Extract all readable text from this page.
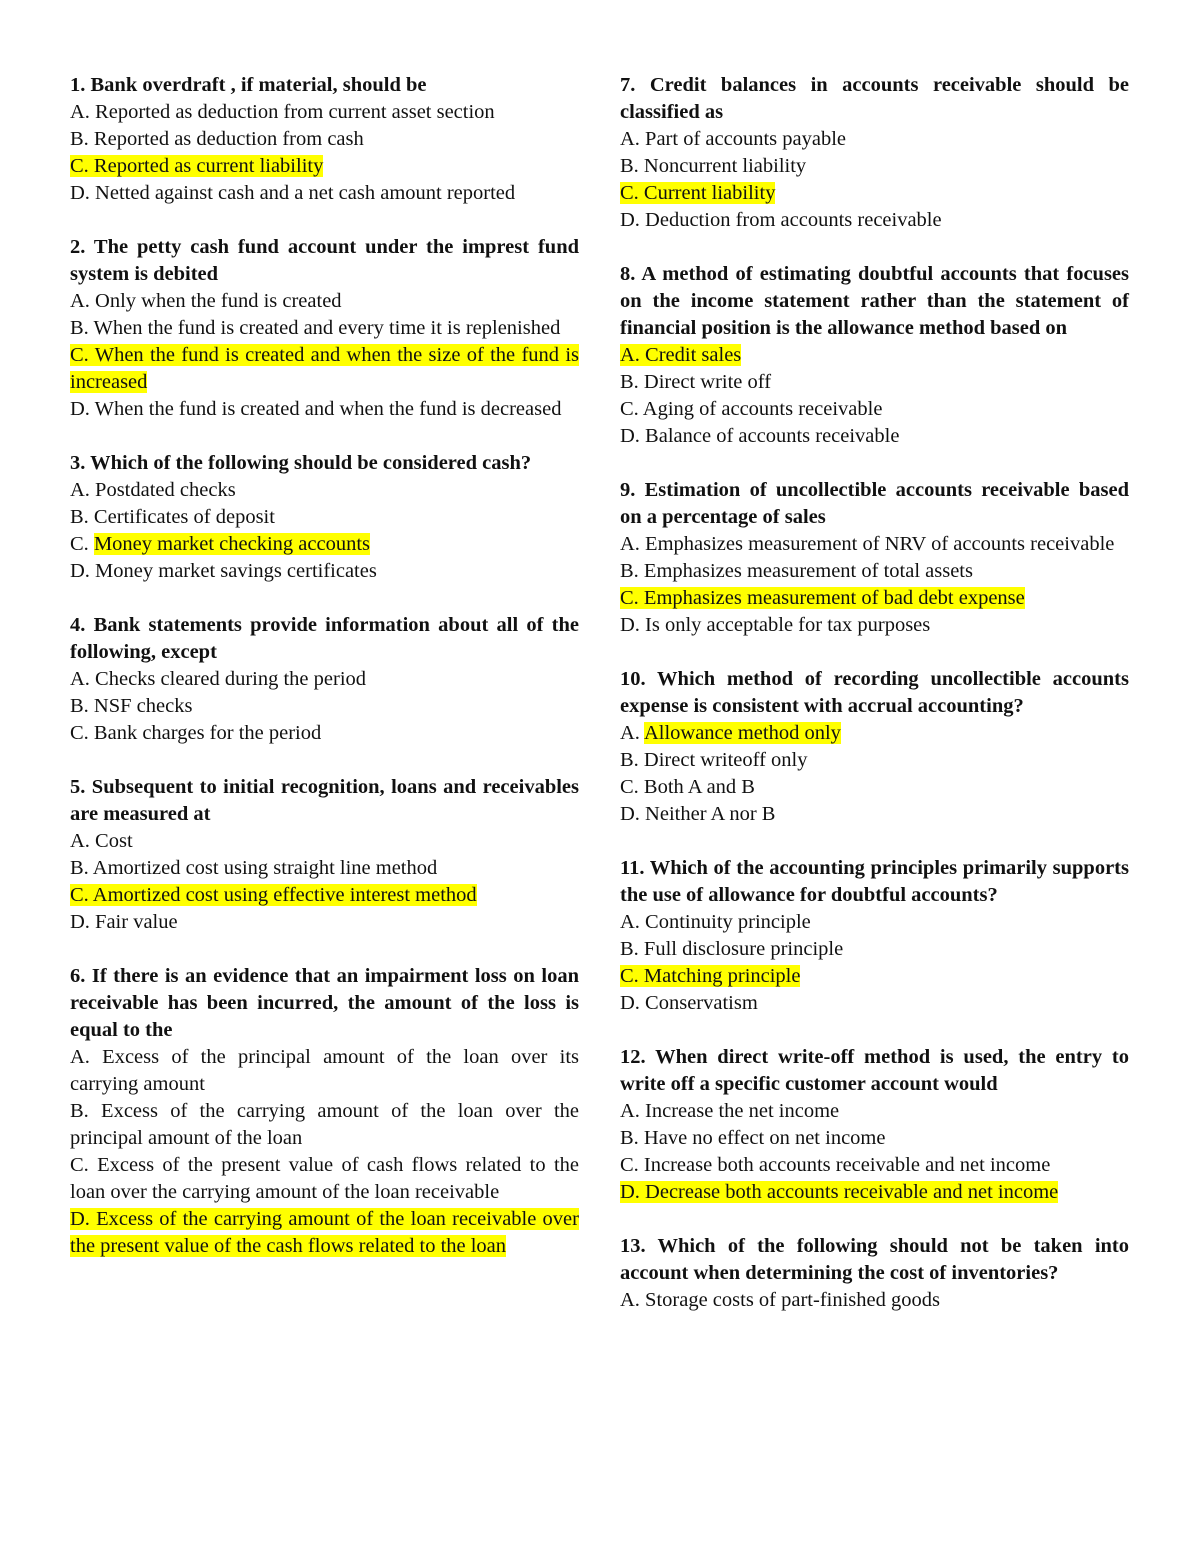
1. Bank overdraft , if material, should be

A. Reported as deduction from current asset section

B. Reported as deduction from cash

C. Reported as current liability

D. Netted against cash and a net cash amount reported

2. The petty cash fund account under the imprest fund system is debited

A. Only when the fund is created

B. When the fund is created and every time it is replenished

C. When the fund is created and when the size of the fund is increased

D. When the fund is created and when the fund is decreased

3. Which of the following should be considered cash?

A. Postdated checks

B. Certificates of deposit

C. Money market checking accounts

D. Money market savings certificates

4. Bank statements provide information about all of the following, except

A. Checks cleared during the period

B. NSF checks

C. Bank charges for the period

5. Subsequent to initial recognition, loans and receivables are measured at

A. Cost

B. Amortized cost using straight line method

C. Amortized cost using effective interest method

D. Fair value

6. If there is an evidence that an impairment loss on loan receivable has been incurred, the amount of the loss is equal to the

A. Excess of the principal amount of the loan over its carrying amount

B. Excess of the carrying amount of the loan over the principal amount of the loan

C. Excess of the present value of cash flows related to the loan over the carrying amount of the loan receivable

D. Excess of the carrying amount of the loan receivable over the present value of the cash flows related to the loan

7. Credit balances in accounts receivable should be classified as

A. Part of accounts payable

B. Noncurrent liability

C. Current liability

D. Deduction from accounts receivable

8. A method of estimating doubtful accounts that focuses on the income statement rather than the statement of financial position is the allowance method based on

A. Credit sales

B. Direct write off

C. Aging of accounts receivable

D. Balance of accounts receivable

9. Estimation of uncollectible accounts receivable based on a percentage of sales

A. Emphasizes measurement of NRV of accounts receivable

B. Emphasizes measurement of total assets

C. Emphasizes measurement of bad debt expense

D. Is only acceptable for tax purposes

10. Which method of recording uncollectible accounts expense is consistent with accrual accounting?

A. Allowance method only

B. Direct writeoff only

C. Both A and B

D. Neither A nor B

11. Which of the accounting principles primarily supports the use of allowance for doubtful accounts?

A. Continuity principle

B. Full disclosure principle

C. Matching principle

D. Conservatism

12. When direct write-off method is used, the entry to write off a specific customer account would

A. Increase the net income

B. Have no effect on net income

C. Increase both accounts receivable and net income

D. Decrease both accounts receivable and net income

13. Which of the following should not be taken into account when determining the cost of inventories?

A. Storage costs of part-finished goods
